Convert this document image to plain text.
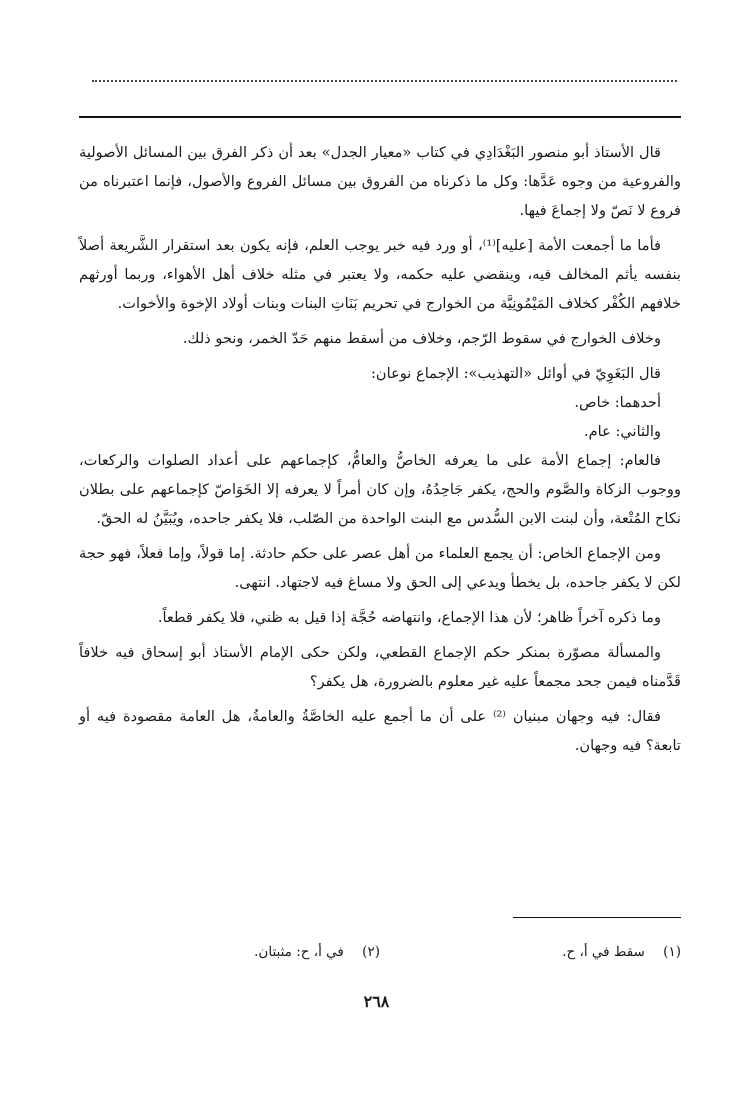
قال الأستاذ أبو منصور البَغْدَادِي في كتاب «معيار الجدل» بعد أن ذكر الفرق بين المسائل الأصولية والفروعية من وجوه عَدَّها: وكل ما ذكرناه من الفروق بين مسائل الفروع والأصول، فإنما اعتبرناه من فروع لا نَصّ ولا إجماعَ فيها.

فأما ما أجمعت الأمة [عليه]⁽¹⁾، أو ورد فيه خبر يوجب العلم، فإنه يكون بعد استقرار الشَّريعة أصلاً بنفسه يأثم المخالف فيه، وينقضي عليه حكمه، ولا يعتبر في مثله خلاف أهل الأهواء، وربما أورثهم خلافهم الكُفْر كخلاف المَيْمُونِيَّة من الخوارج في تحريم بَنَاتِ البنات وبنات أولاد الإخوة والأخوات.

وخلاف الخوارج في سقوط الرّجم، وخلاف من أسقط منهم حَدّ الخمر، ونحو ذلك.

قال البَغَوِيّ في أوائل «التهذيب»: الإجماع نوعان:

أحدهما: خاص.

والثاني: عام.

فالعام: إجماع الأمة على ما يعرفه الخاصُّ والعامُّ، كإجماعهم على أعداد الصلوات والركعات، ووجوب الزكاة والصَّوم والحج، يكفر جَاحِدُهُ، وإن كان أمراً لا يعرفه إلا الخَوَاصّ كإجماعهم على بطلان نكاح المُتْعة، وأن لبنت الابن السُّدس مع البنت الواحدة من الصّلب، فلا يكفر جاحده، ويُبَيَّنُ له الحقّ.

ومن الإجماع الخاص: أن يجمع العلماء من أهل عصر على حكم حادثة. إما قولاً، وإما فعلاً، فهو حجة لكن لا يكفر جاحده، بل يخطأ ويدعي إلى الحق ولا مساغ فيه لاجتهاد. انتهى.

وما ذكره آخراً ظاهر؛ لأن هذا الإجماع، وانتهاضه حُجَّة إذا قيل به ظني، فلا يكفر قطعاً.

والمسألة مصوّرة بمنكر حكم الإجماع القطعي، ولكن حكى الإمام الأستاذ أبو إسحاق فيه خلافاً قَدَّمناه فيمن جحد مجمعاً عليه غير معلوم بالضرورة، هل يكفر؟

فقال: فيه وجهان مبنيان ⁽²⁾ على أن ما أجمع عليه الخاصَّةُ والعامةُ، هل العامة مقصودة فيه أو تابعة؟ فيه وجهان.

(١) سقط في أ، ح.
(٢) في أ، ح: مثبتان.
٢٦٨
